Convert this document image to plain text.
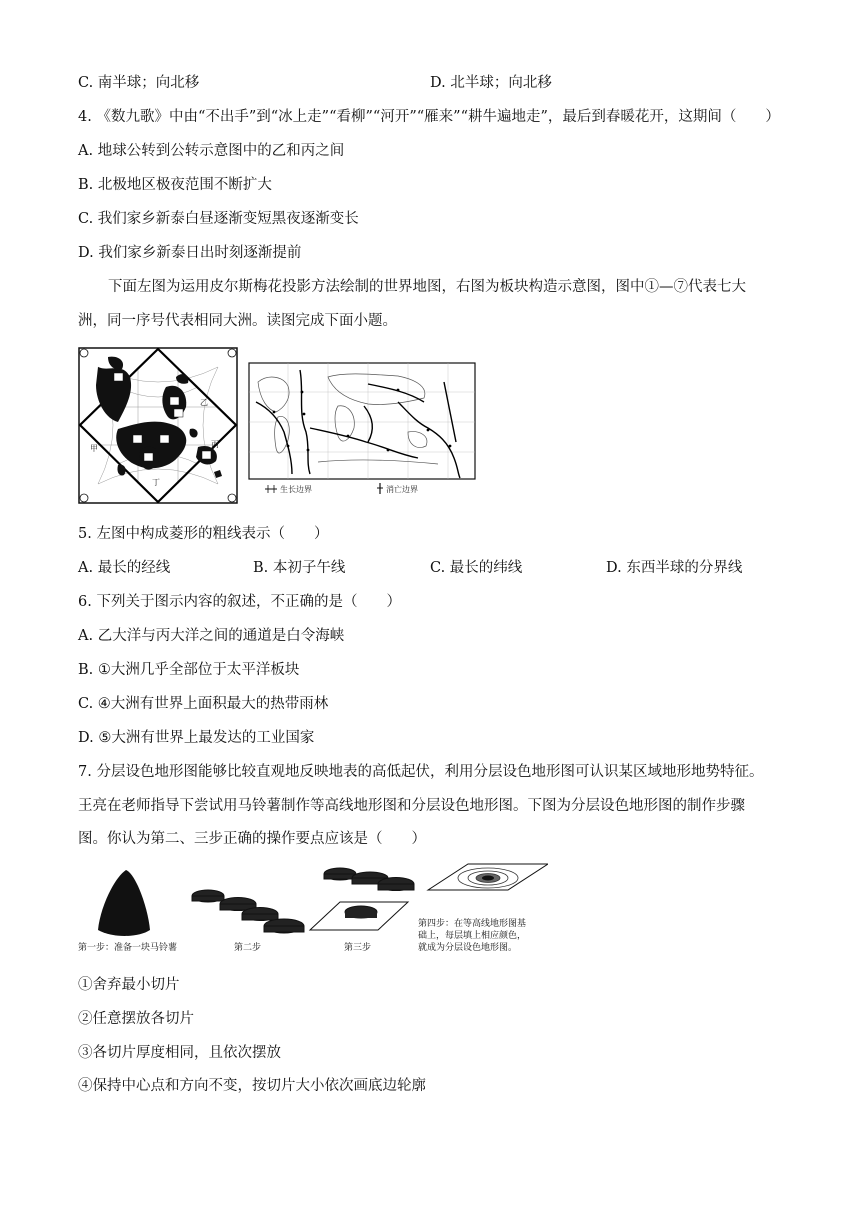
C. 南半球；向北移	D. 北半球；向北移
4. 《数九歌》中由“不出手”到“冰上走”“看柳”“河开”“雁来”“耕牛遍地走”，最后到春暖花开，这期间（　　）
A. 地球公转到公转示意图中的乙和丙之间
B. 北极地区极夜范围不断扩大
C. 我们家乡新泰白昼逐渐变短黑夜逐渐变长
D. 我们家乡新泰日出时刻逐渐提前
下面左图为运用皮尔斯梅花投影方法绘制的世界地图，右图为板块构造示意图，图中①—⑦代表七大
洲，同一序号代表相同大洲。读图完成下面小题。
甲
乙
丙
丁
生长边界	消亡边界
5. 左图中构成菱形的粗线表示（　　）
A. 最长的经线	B. 本初子午线	C. 最长的纬线	D. 东西半球的分界线
6. 下列关于图示内容的叙述，不正确的是（　　）
A. 乙大洋与丙大洋之间的通道是白令海峡
B. ①大洲几乎全部位于太平洋板块
C. ④大洲有世界上面积最大的热带雨林
D. ⑤大洲有世界上最发达的工业国家
7. 分层设色地形图能够比较直观地反映地表的高低起伏，利用分层设色地形图可认识某区域地形地势特征。
王亮在老师指导下尝试用马铃薯制作等高线地形图和分层设色地形图。下图为分层设色地形图的制作步骤
图。你认为第二、三步正确的操作要点应该是（　　）
第一步：准备一块马铃薯	第二步	第三步
第四步：在等高线地形图基
础上，每层填上相应颜色，
就成为分层设色地形图。
①舍弃最小切片
②任意摆放各切片
③各切片厚度相同，且依次摆放
④保持中心点和方向不变，按切片大小依次画底边轮廓
